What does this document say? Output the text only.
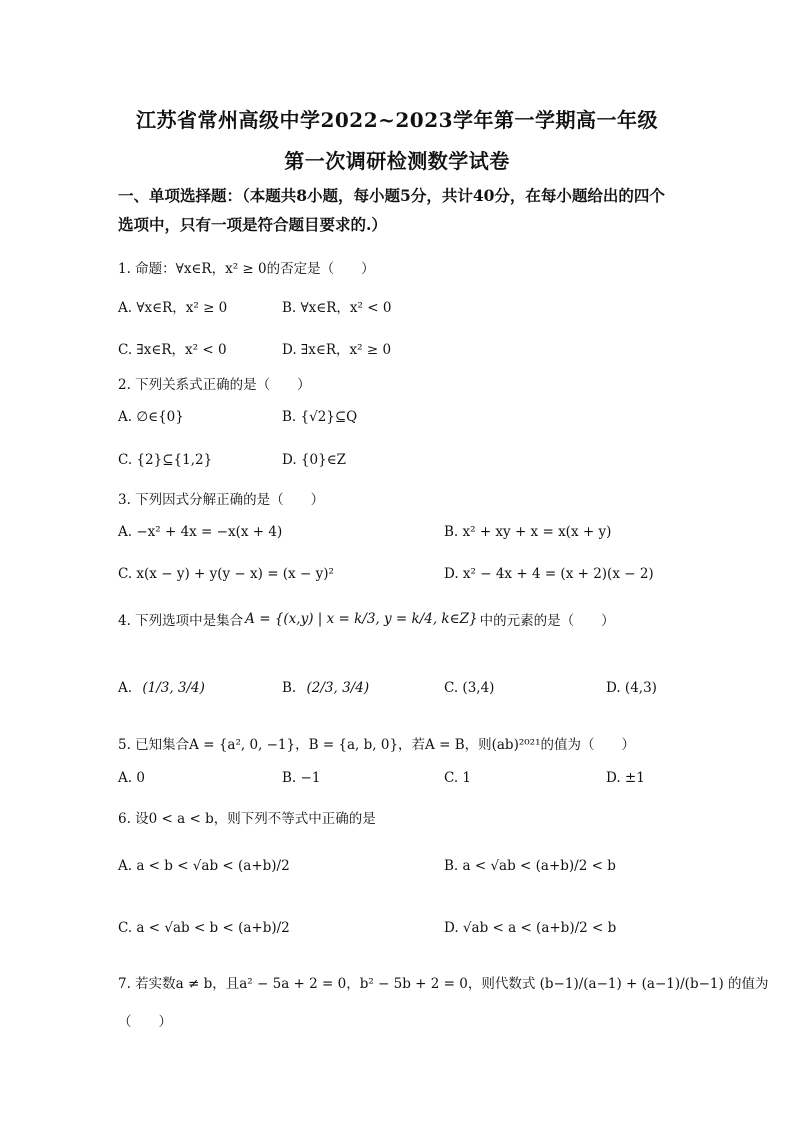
江苏省常州高级中学2022~2023学年第一学期高一年级
第一次调研检测数学试卷
一、单项选择题：（本题共8小题，每小题5分，共计40分，在每小题给出的四个选项中，只有一项是符合题目要求的.）
1. 命题：∀x∈R，x² ≥ 0的否定是（　　）
A. ∀x∈R，x² ≥ 0	B. ∀x∈R，x² < 0
C. ∃x∈R，x² < 0	D. ∃x∈R，x² ≥ 0
2. 下列关系式正确的是（　　）
A. ∅∈{0}	B. {√2}⊆Q
C. {2}⊆{1,2}	D. {0}∈Z
3. 下列因式分解正确的是（　　）
A. −x² + 4x = −x(x + 4)	B. x² + xy + x = x(x + y)
C. x(x − y) + y(y − x) = (x − y)²	D. x² − 4x + 4 = (x + 2)(x − 2)
4. 下列选项中是集合 A = {(x,y) | x = k/3, y = k/4, k∈Z} 中的元素的是（　　）
A. (1/3, 3/4)	B. (2/3, 3/4)	C. (3,4)	D. (4,3)
5. 已知集合A = {a², 0, −1}，B = {a, b, 0}，若A = B，则(ab)²⁰²¹的值为（　　）
A. 0	B. −1	C. 1	D. ±1
6. 设0 < a < b，则下列不等式中正确的是
A. a < b < √ab < (a+b)/2	B. a < √ab < (a+b)/2 < b
C. a < √ab < b < (a+b)/2	D. √ab < a < (a+b)/2 < b
7. 若实数a ≠ b，且a² − 5a + 2 = 0，b² − 5b + 2 = 0，则代数式 (b−1)/(a−1) + (a−1)/(b−1) 的值为
（　　）
